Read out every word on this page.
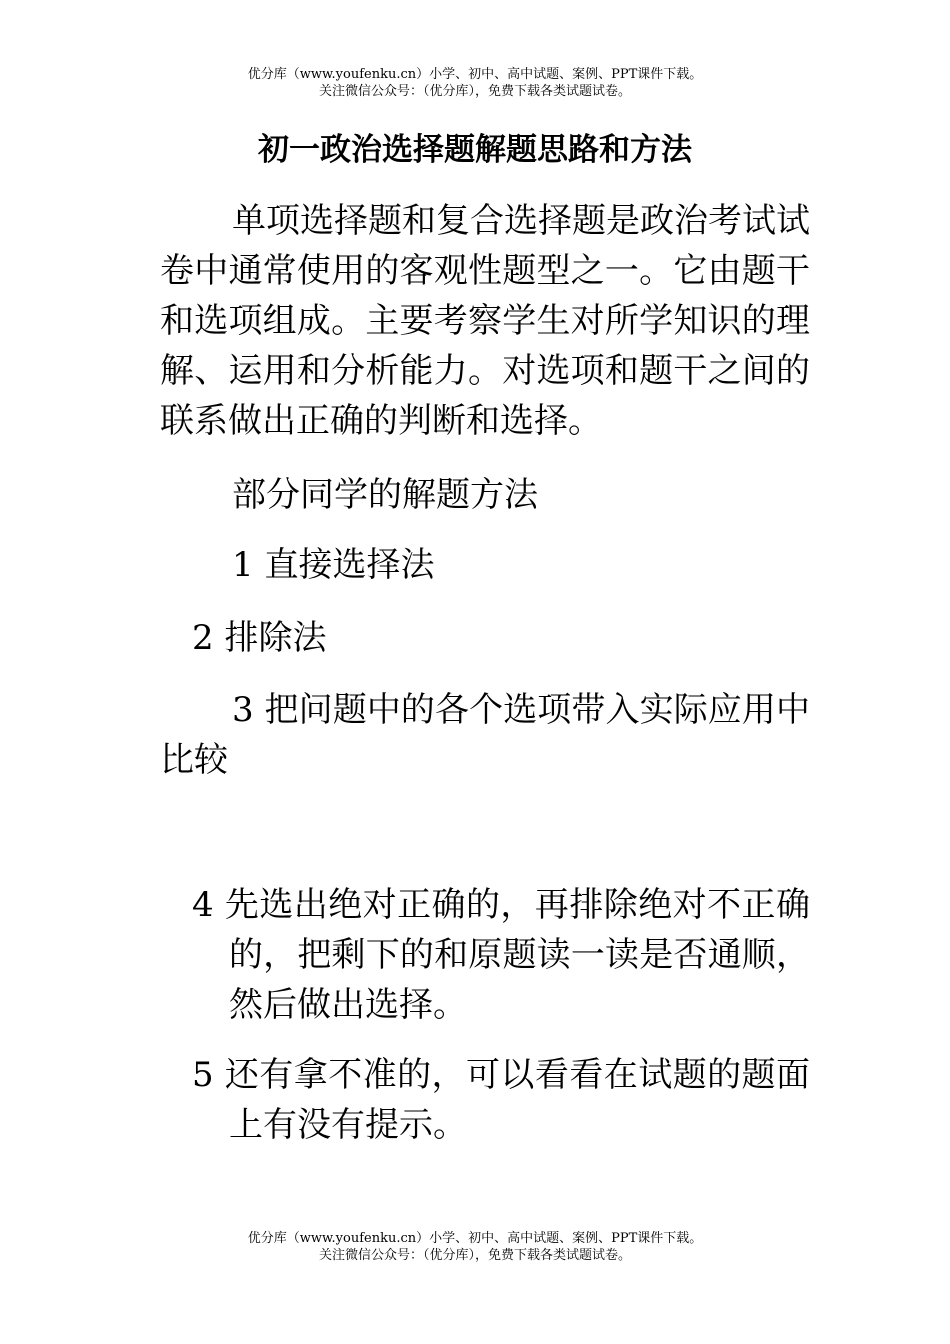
优分库（www.youfenku.cn）小学、初中、高中试题、案例、PPT课件下载。
关注微信公众号：（优分库），免费下载各类试题试卷。
初一政治选择题解题思路和方法
单项选择题和复合选择题是政治考试试卷中通常使用的客观性题型之一。它由题干和选项组成。主要考察学生对所学知识的理解、运用和分析能力。对选项和题干之间的联系做出正确的判断和选择。
部分同学的解题方法
1 直接选择法
2 排除法
3 把问题中的各个选项带入实际应用中比较
4 先选出绝对正确的，再排除绝对不正确的，把剩下的和原题读一读是否通顺，然后做出选择。
5 还有拿不准的，可以看看在试题的题面上有没有提示。
优分库（www.youfenku.cn）小学、初中、高中试题、案例、PPT课件下载。
关注微信公众号：（优分库），免费下载各类试题试卷。
